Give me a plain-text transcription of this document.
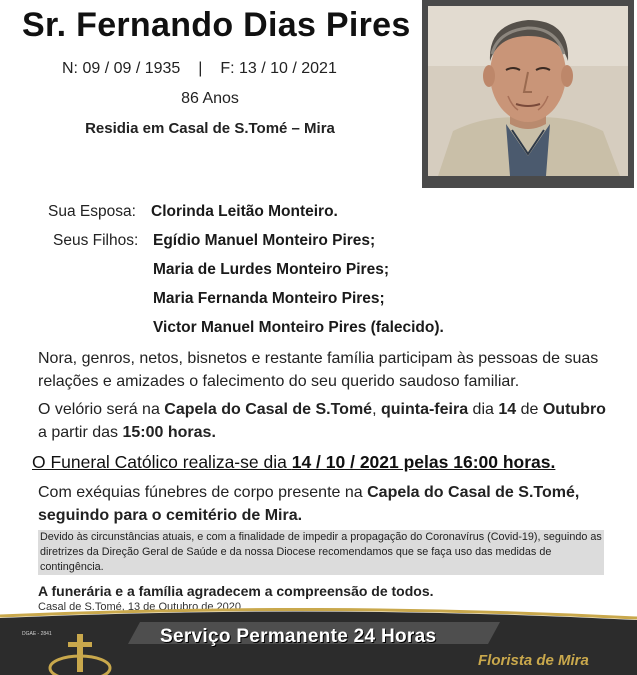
Sr. Fernando Dias Pires
N: 09 / 09 / 1935 | F: 13 / 10 / 2021
86 Anos
Residia em Casal de S.Tomé – Mira
Sua Esposa: Clorinda Leitão Monteiro.
Seus Filhos: Egídio Manuel Monteiro Pires;
Maria de Lurdes Monteiro Pires;
Maria Fernanda Monteiro Pires;
Victor Manuel Monteiro Pires (falecido).
Nora, genros, netos, bisnetos e restante família participam às pessoas de suas relações e amizades o falecimento do seu querido saudoso familiar.
O velório será na Capela do Casal de S.Tomé, quinta-feira dia 14 de Outubro a partir das 15:00 horas.
O Funeral Católico realiza-se dia 14 / 10 / 2021 pelas 16:00 horas.
Com exéquias fúnebres de corpo presente na Capela do Casal de S.Tomé, seguindo para o cemitério de Mira.
Devido às circunstâncias atuais, e com a finalidade de impedir a propagação do Coronavírus (Covid-19), seguindo as diretrizes da Direção Geral de Saúde e da nossa Diocese recomendamos que se faça uso das medidas de contingência.
A funerária e a família agradecem a compreensão de todos.
Casal de S.Tomé, 13 de Outubro de 2020.
DGAE - 2841	Serviço Permanente 24 Horas
Florista de Mira
